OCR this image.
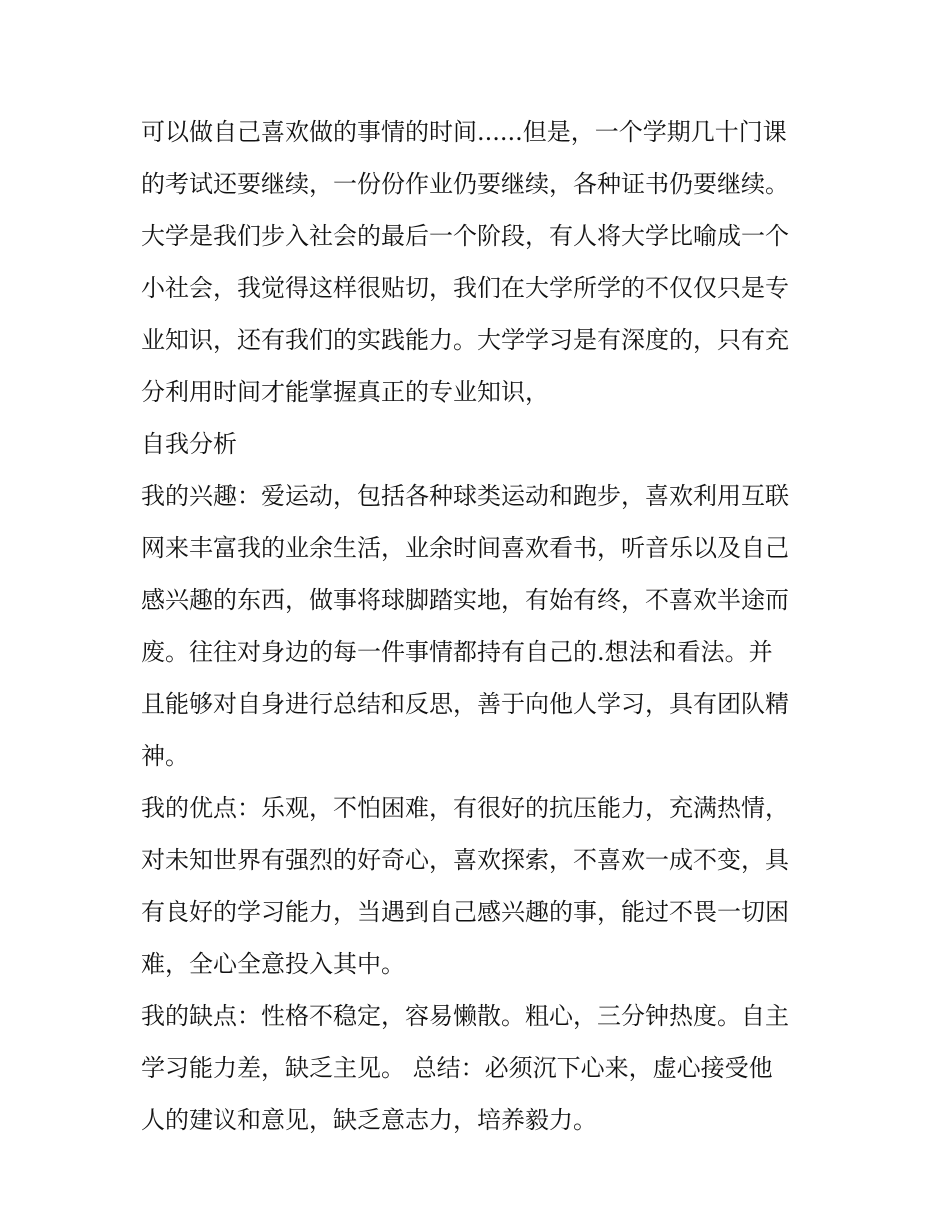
可以做自己喜欢做的事情的时间......但是，一个学期几十门课
的考试还要继续，一份份作业仍要继续，各种证书仍要继续。
大学是我们步入社会的最后一个阶段，有人将大学比喻成一个
小社会，我觉得这样很贴切，我们在大学所学的不仅仅只是专
业知识，还有我们的实践能力。大学学习是有深度的，只有充
分利用时间才能掌握真正的专业知识，
自我分析
我的兴趣：爱运动，包括各种球类运动和跑步，喜欢利用互联
网来丰富我的业余生活，业余时间喜欢看书，听音乐以及自己
感兴趣的东西，做事将球脚踏实地，有始有终，不喜欢半途而
废。往往对身边的每一件事情都持有自己的.想法和看法。并
且能够对自身进行总结和反思，善于向他人学习，具有团队精
神。
我的优点：乐观，不怕困难，有很好的抗压能力，充满热情，
对未知世界有强烈的好奇心，喜欢探索，不喜欢一成不变，具
有良好的学习能力，当遇到自己感兴趣的事，能过不畏一切困
难，全心全意投入其中。
我的缺点：性格不稳定，容易懒散。粗心，三分钟热度。自主
学习能力差，缺乏主见。 总结：必须沉下心来，虚心接受他
人的建议和意见，缺乏意志力，培养毅力。
